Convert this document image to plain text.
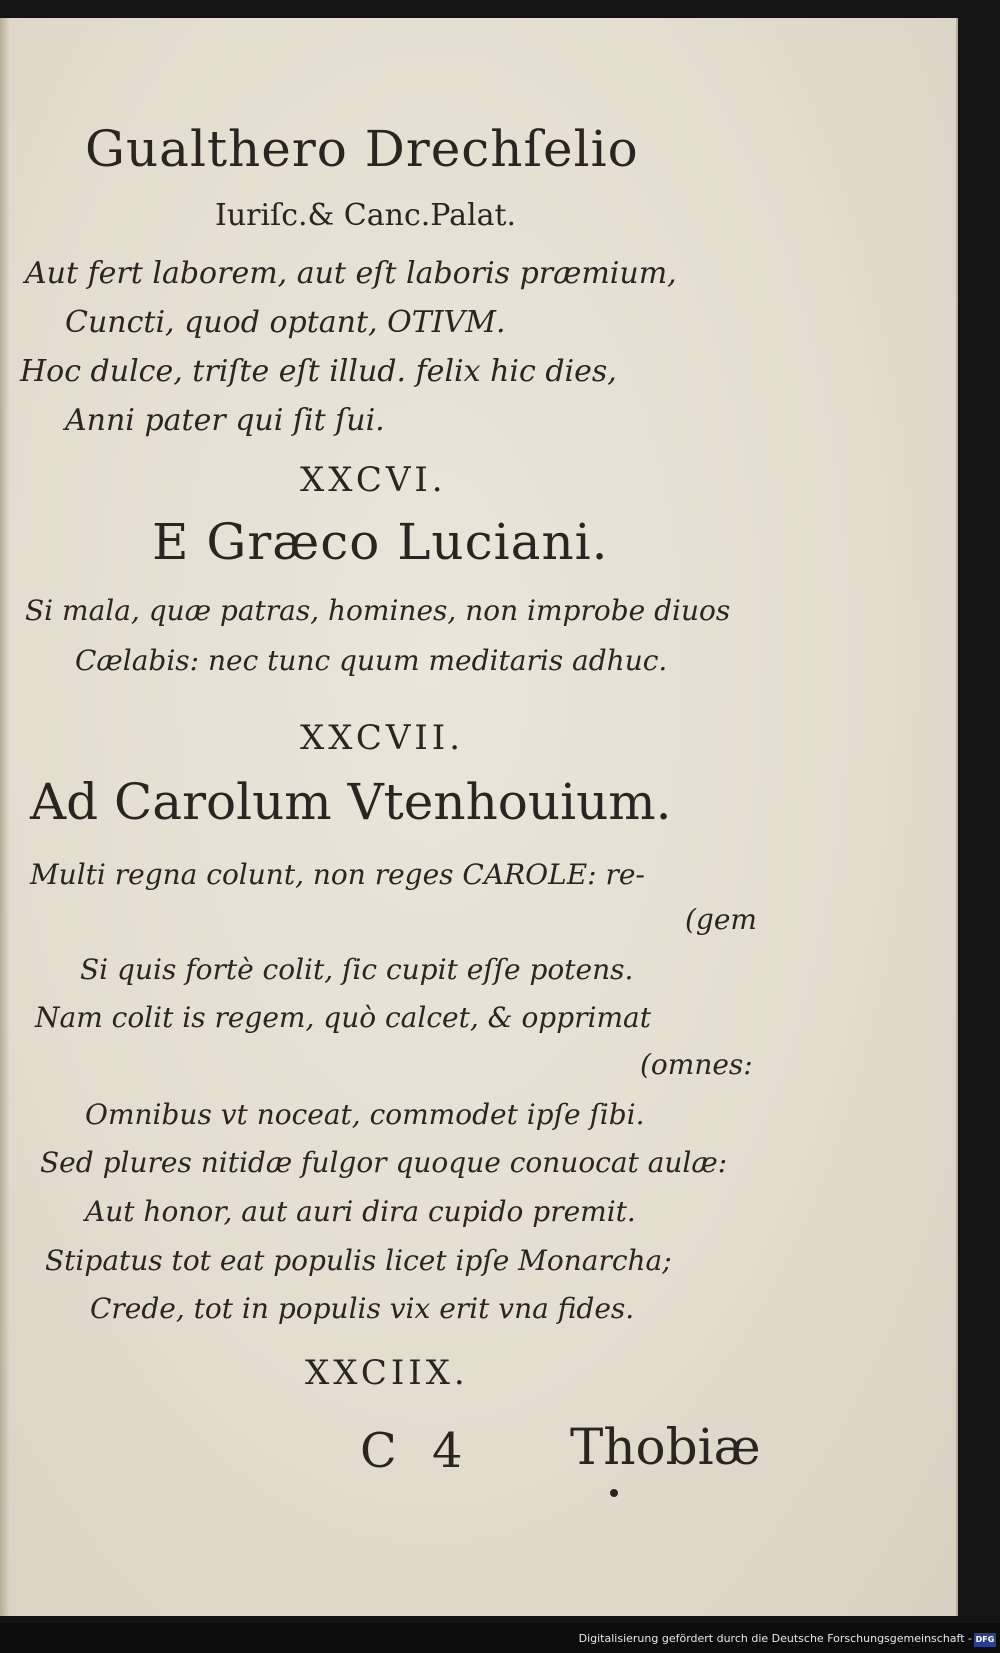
Gualthero Drechſelio
Iuriſc.& Canc.Palat.
Aut fert laborem, aut eſt laboris præmium,
Cuncti, quod optant, OTIVM.
Hoc dulce, triſte eſt illud. felix hic dies,
Anni pater qui ſit ſui.
XXCVI.
E Græco Luciani.
Si mala, quæ patras, homines, non improbe diuos
Cælabis: nec tunc quum meditaris adhuc.
XXCVII.
Ad Carolum Vtenhouium.
Multi regna colunt, non reges CAROLE: re-
(gem
Si quis fortè colit, ſic cupit eſſe potens.
Nam colit is regem, quò calcet, & opprimat
(omnes:
Omnibus vt noceat, commodet ipſe ſibi.
Sed plures nitidæ fulgor quoque conuocat aulæ:
Aut honor, aut auri dira cupido premit.
Stipatus tot eat populis licet ipſe Monarcha;
Crede, tot in populis vix erit vna fides.
XXCIIX.
C 4 Thobiæ
Digitalisierung gefördert durch die Deutsche Forschungsgemeinschaft - DFG
